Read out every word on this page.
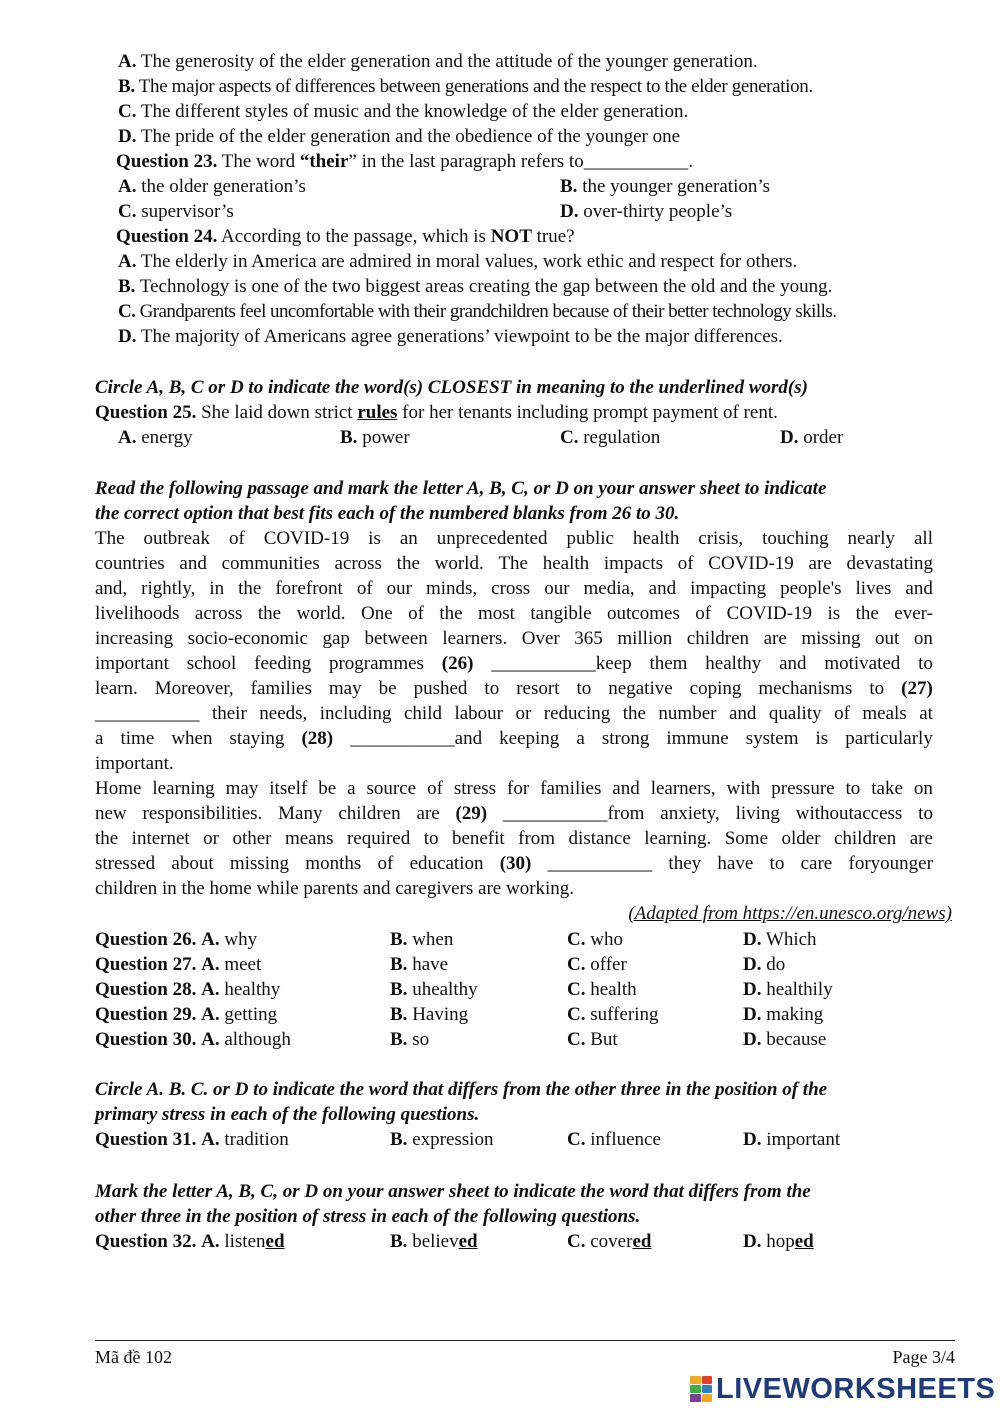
A. The generosity of the elder generation and the attitude of the younger generation.
B. The major aspects of differences between generations and the respect to the elder generation.
C. The different styles of music and the knowledge of the elder generation.
D. The pride of the elder generation and the obedience of the younger one
Question 23. The word “their” in the last paragraph refers to___________.
A. the older generation’s	B. the younger generation’s
C. supervisor’s	D. over-thirty people’s
Question 24. According to the passage, which is NOT true?
A. The elderly in America are admired in moral values, work ethic and respect for others.
B. Technology is one of the two biggest areas creating the gap between the old and the young.
C. Grandparents feel uncomfortable with their grandchildren because of their better technology skills.
D. The majority of Americans agree generations’ viewpoint to be the major differences.
Circle A, B, C or D to indicate the word(s) CLOSEST in meaning to the underlined word(s)
Question 25. She laid down strict rules for her tenants including prompt payment of rent.
A. energy	B. power	C. regulation	D. order
Read the following passage and mark the letter A, B, C, or D on your answer sheet to indicate
the correct option that best fits each of the numbered blanks from 26 to 30.
The outbreak of COVID-19 is an unprecedented public health crisis, touching nearly all
countries and communities across the world. The health impacts of COVID-19 are devastating
and, rightly, in the forefront of our minds, cross our media, and impacting people's lives and
livelihoods across the world. One of the most tangible outcomes of COVID-19 is the ever-
increasing socio-economic gap between learners. Over 365 million children are missing out on
important school feeding programmes (26) ___________keep them healthy and motivated to
learn. Moreover, families may be pushed to resort to negative coping mechanisms to (27)
___________ their needs, including child labour or reducing the number and quality of meals at
a time when staying (28) ___________and keeping a strong immune system is particularly
important.
Home learning may itself be a source of stress for families and learners, with pressure to take on
new responsibilities. Many children are (29) ___________from anxiety, living withoutaccess to
the internet or other means required to benefit from distance learning. Some older children are
stressed about missing months of education (30) ___________ they have to care foryounger
children in the home while parents and caregivers are working.
(Adapted from https://en.unesco.org/news)
Question 26. A. why	B. when	C. who	D. Which
Question 27. A. meet	B. have	C. offer	D. do
Question 28. A. healthy	B. uhealthy	C. health	D. healthily
Question 29. A. getting	B. Having	C. suffering	D. making
Question 30. A. although	B. so	C. But	D. because
Circle A. B. C. or D to indicate the word that differs from the other three in the position of the
primary stress in each of the following questions.
Question 31. A. tradition	B. expression	C. influence	D. important
Mark the letter A, B, C, or D on your answer sheet to indicate the word that differs from the
other three in the position of stress in each of the following questions.
Question 32. A. listened	B. believed	C. covered	D. hoped
Mã đề 102	Page 3/4
LIVEWORKSHEETS
